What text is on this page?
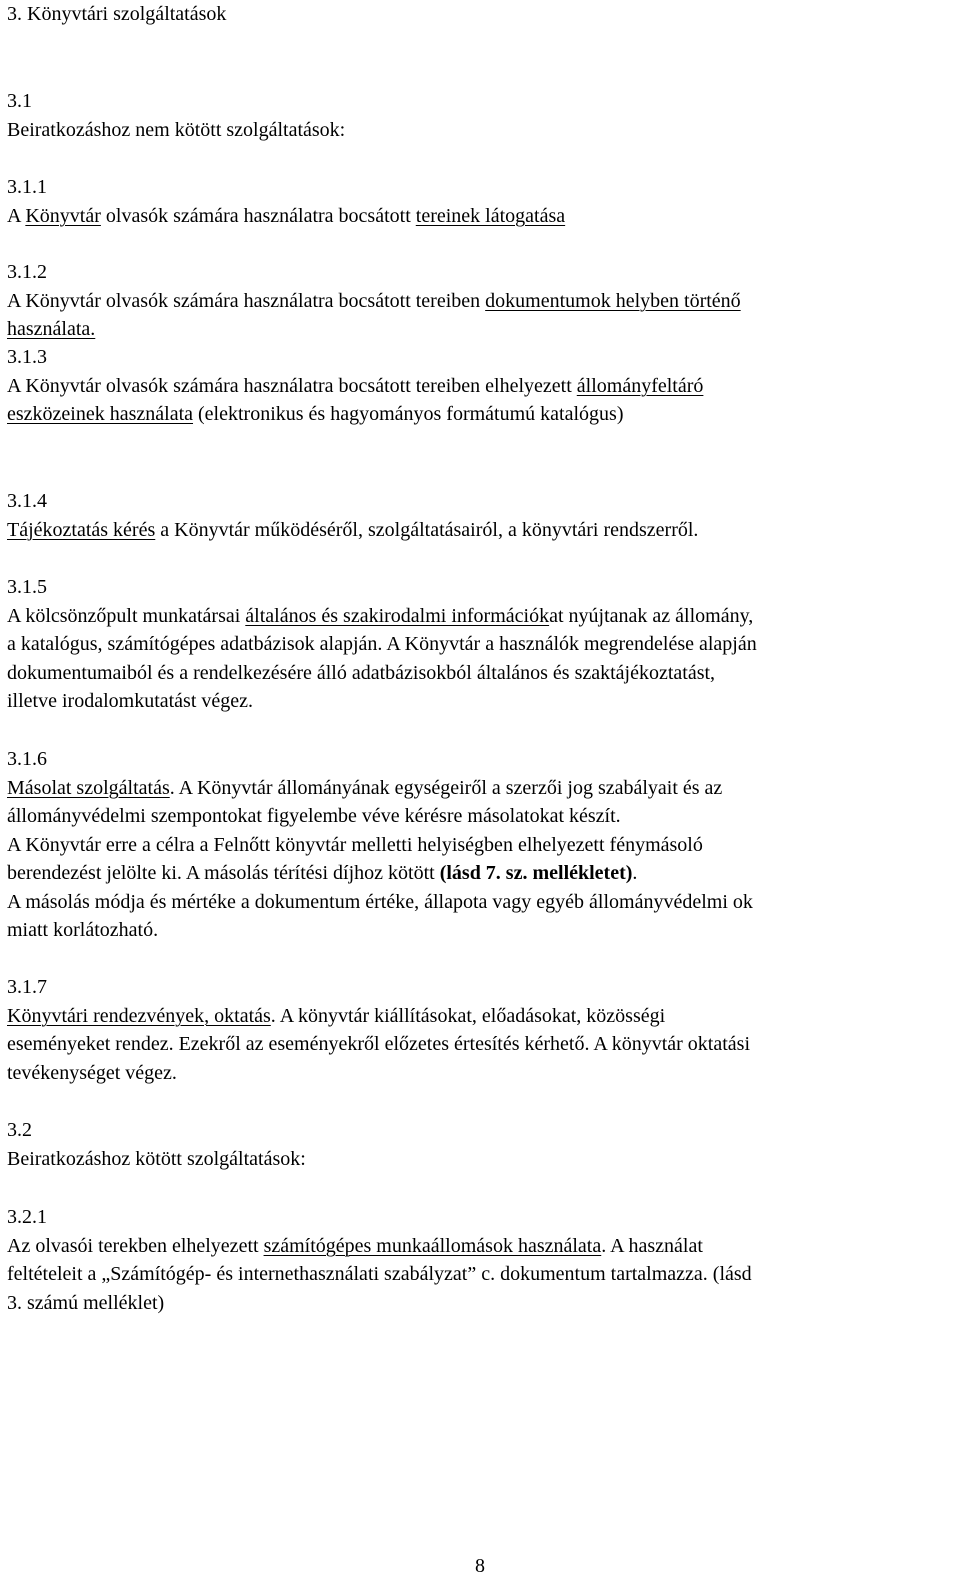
3. Könyvtári szolgáltatások
3.1
Beiratkozáshoz nem kötött szolgáltatások:
3.1.1
A Könyvtár olvasók számára használatra bocsátott tereinek látogatása
3.1.2
A Könyvtár olvasók számára használatra bocsátott tereiben dokumentumok helyben történő
használata.
3.1.3
A Könyvtár olvasók számára használatra bocsátott tereiben elhelyezett állományfeltáró
eszközeinek használata (elektronikus és hagyományos formátumú katalógus)
3.1.4
Tájékoztatás kérés a Könyvtár működéséről, szolgáltatásairól, a könyvtári rendszerről.
3.1.5
A kölcsönzőpult munkatársai általános és szakirodalmi információkat nyújtanak az állomány,
a katalógus, számítógépes adatbázisok alapján. A Könyvtár a használók megrendelése alapján
dokumentumaiból és a rendelkezésére álló adatbázisokból általános és szaktájékoztatást,
illetve irodalomkutatást végez.
3.1.6
Másolat szolgáltatás. A Könyvtár állományának egységeiről a szerzői jog szabályait és az
állományvédelmi szempontokat figyelembe véve kérésre másolatokat készít.
A Könyvtár erre a célra a Felnőtt könyvtár melletti helyiségben elhelyezett fénymásoló
berendezést jelölte ki. A másolás térítési díjhoz kötött (lásd 7. sz. mellékletet).
A másolás módja és mértéke a dokumentum értéke, állapota vagy egyéb állományvédelmi ok
miatt korlátozható.
3.1.7
Könyvtári rendezvények, oktatás. A könyvtár kiállításokat, előadásokat, közösségi
eseményeket rendez. Ezekről az eseményekről előzetes értesítés kérhető. A könyvtár oktatási
tevékenységet végez.
3.2
Beiratkozáshoz kötött szolgáltatások:
3.2.1
Az olvasói terekben elhelyezett számítógépes munkaállomások használata. A használat
feltételeit a „Számítógép- és internethasználati szabályzat” c. dokumentum tartalmazza. (lásd
3. számú melléklet)
8
